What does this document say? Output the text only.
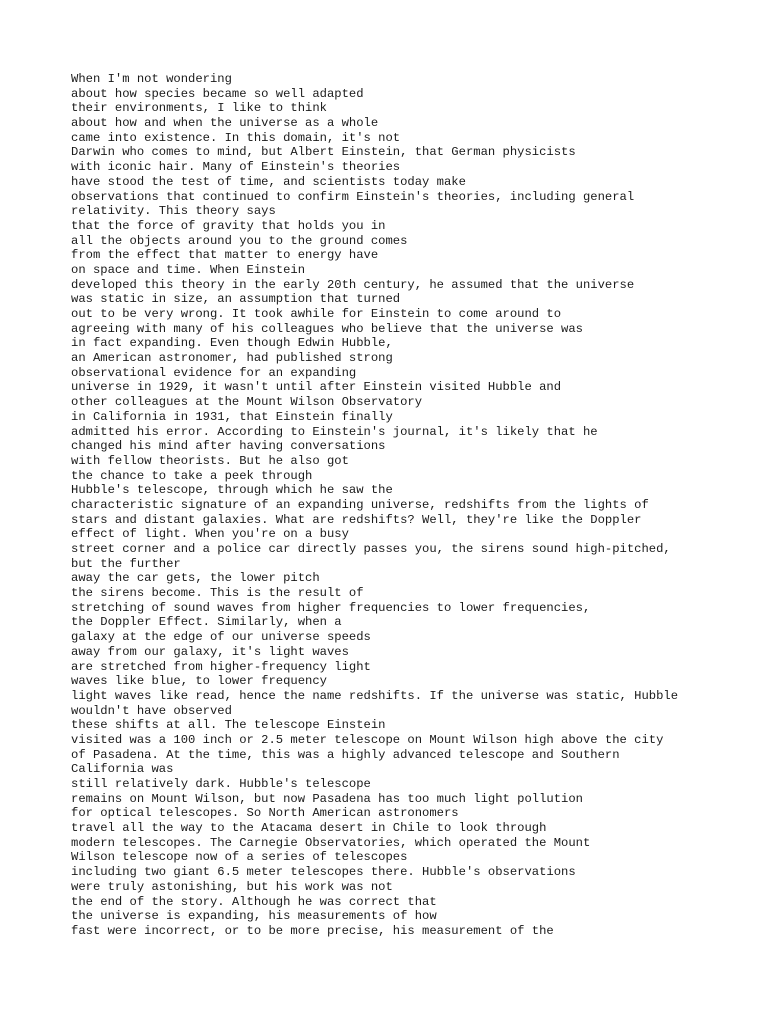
When I'm not wondering
about how species became so well adapted
their environments, I like to think
about how and when the universe as a whole
came into existence. In this domain, it's not
Darwin who comes to mind, but Albert Einstein, that German physicists
with iconic hair. Many of Einstein's theories
have stood the test of time, and scientists today make
observations that continued to confirm Einstein's theories, including general
relativity. This theory says
that the force of gravity that holds you in
all the objects around you to the ground comes
from the effect that matter to energy have
on space and time. When Einstein
developed this theory in the early 20th century, he assumed that the universe
was static in size, an assumption that turned
out to be very wrong. It took awhile for Einstein to come around to
agreeing with many of his colleagues who believe that the universe was
in fact expanding. Even though Edwin Hubble,
an American astronomer, had published strong
observational evidence for an expanding
universe in 1929, it wasn't until after Einstein visited Hubble and
other colleagues at the Mount Wilson Observatory
in California in 1931, that Einstein finally
admitted his error. According to Einstein's journal, it's likely that he
changed his mind after having conversations
with fellow theorists. But he also got
the chance to take a peek through
Hubble's telescope, through which he saw the
characteristic signature of an expanding universe, redshifts from the lights of
stars and distant galaxies. What are redshifts? Well, they're like the Doppler
effect of light. When you're on a busy
street corner and a police car directly passes you, the sirens sound high-pitched,
but the further
away the car gets, the lower pitch
the sirens become. This is the result of
stretching of sound waves from higher frequencies to lower frequencies,
the Doppler Effect. Similarly, when a
galaxy at the edge of our universe speeds
away from our galaxy, it's light waves
are stretched from higher-frequency light
waves like blue, to lower frequency
light waves like read, hence the name redshifts. If the universe was static, Hubble
wouldn't have observed
these shifts at all. The telescope Einstein
visited was a 100 inch or 2.5 meter telescope on Mount Wilson high above the city
of Pasadena. At the time, this was a highly advanced telescope and Southern
California was
still relatively dark. Hubble's telescope
remains on Mount Wilson, but now Pasadena has too much light pollution
for optical telescopes. So North American astronomers
travel all the way to the Atacama desert in Chile to look through
modern telescopes. The Carnegie Observatories, which operated the Mount
Wilson telescope now of a series of telescopes
including two giant 6.5 meter telescopes there. Hubble's observations
were truly astonishing, but his work was not
the end of the story. Although he was correct that
the universe is expanding, his measurements of how
fast were incorrect, or to be more precise, his measurement of the
